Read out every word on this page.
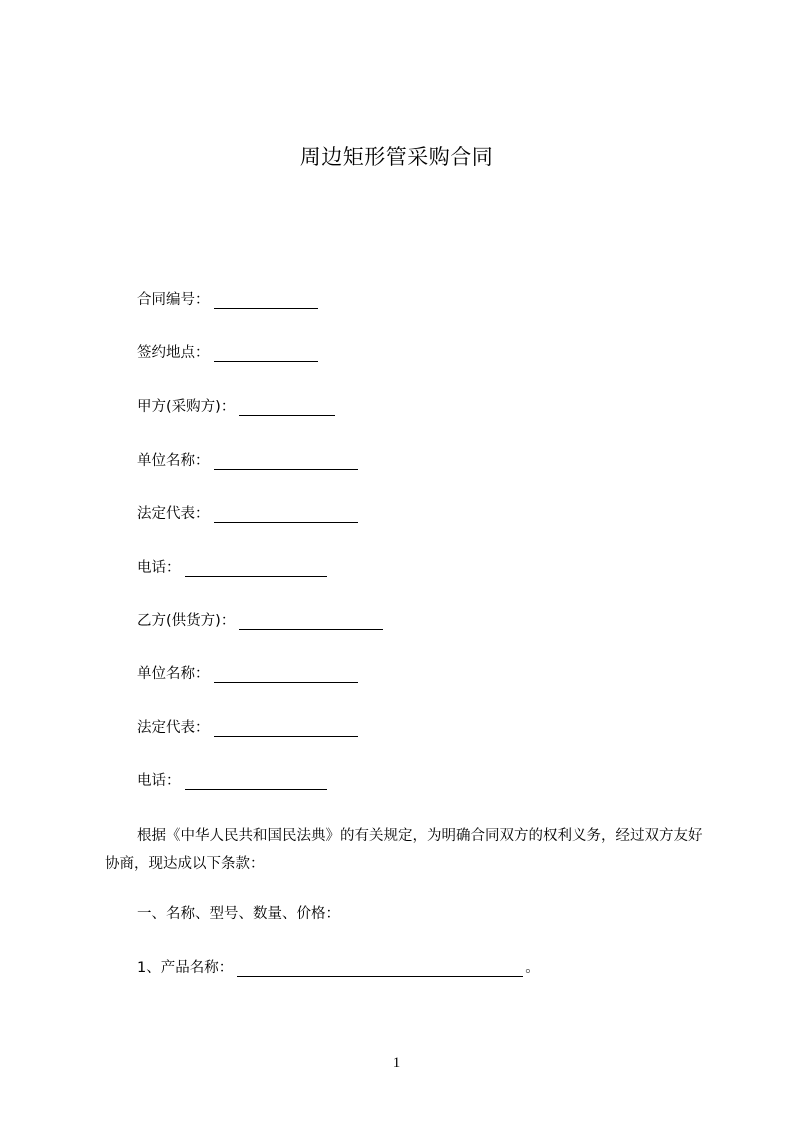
周边矩形管采购合同
合同编号：
签约地点：
甲方(采购方)：
单位名称：
法定代表：
电话：
乙方(供货方)：
单位名称：
法定代表：
电话：
根据《中华人民共和国民法典》的有关规定，为明确合同双方的权利义务，经过双方友好协商，现达成以下条款：
一、名称、型号、数量、价格：
1、产品名称：	。
1
